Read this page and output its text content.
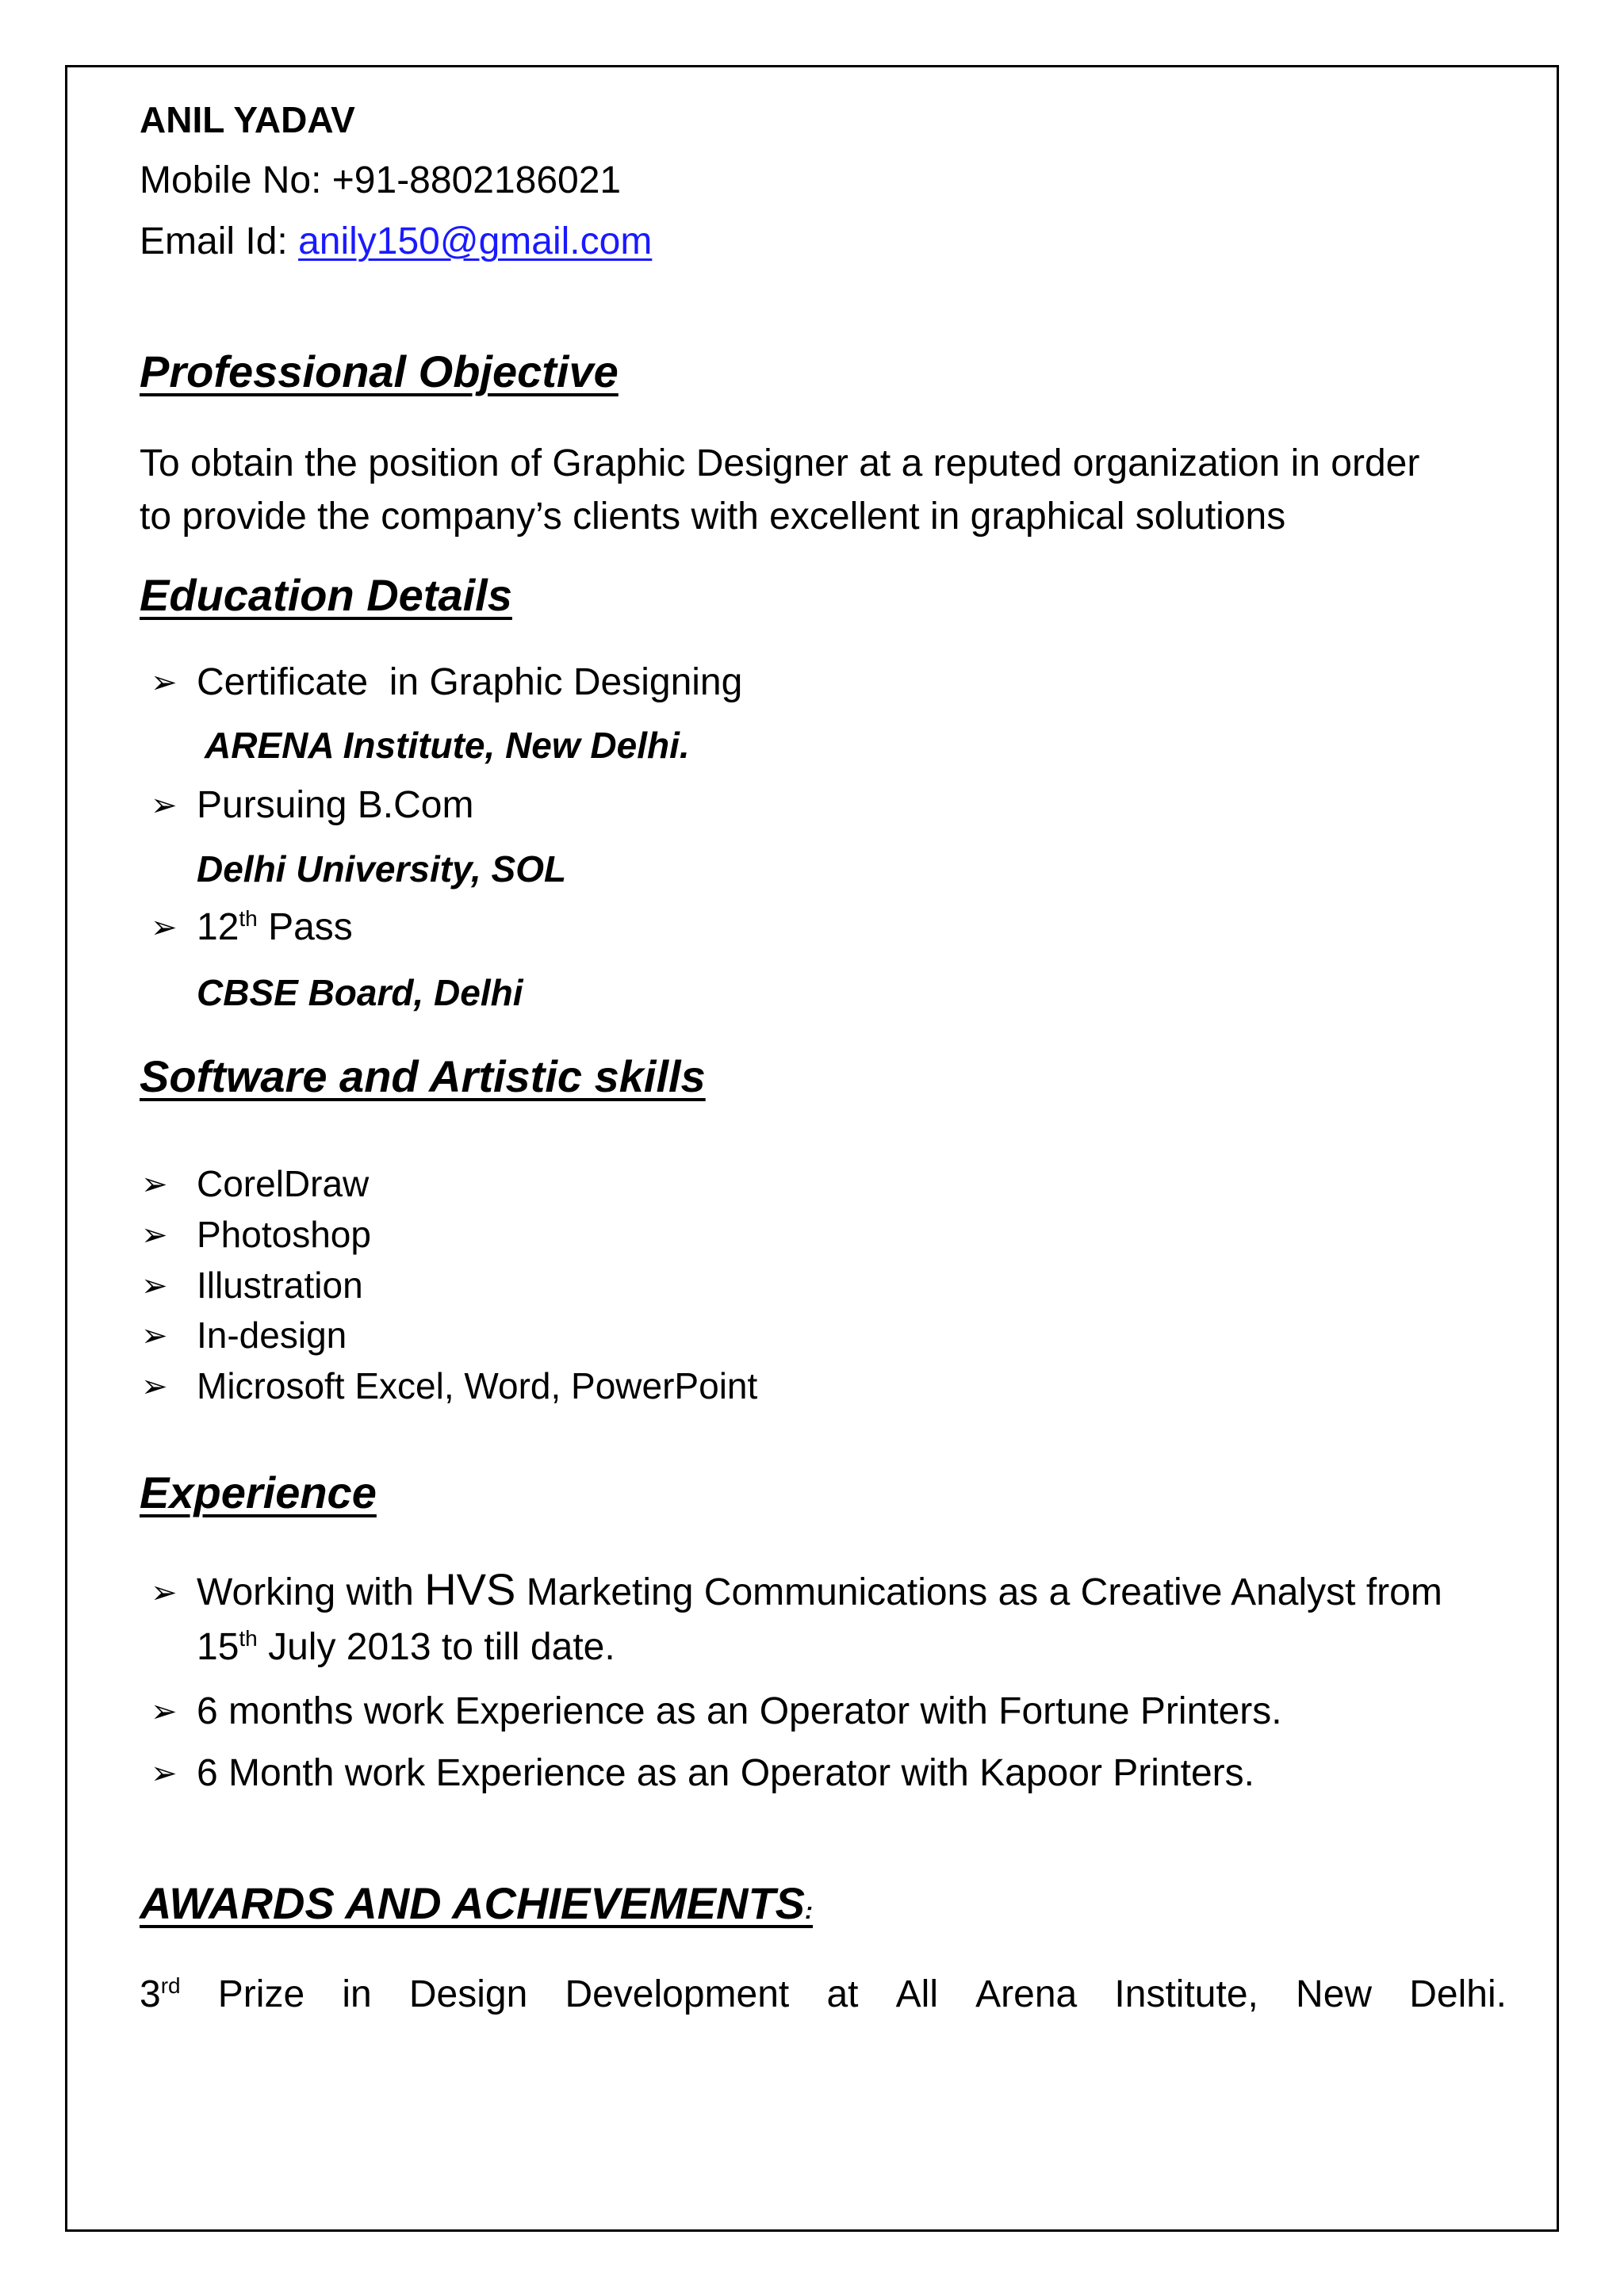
ANIL YADAV
Mobile No: +91-8802186021
Email Id: anily150@gmail.com
Professional Objective
To obtain the position of Graphic Designer at a reputed organization in order
to provide the company’s clients with excellent in graphical solutions
Education Details
➢ Certificate  in Graphic Designing
ARENA Institute, New Delhi.
➢ Pursuing B.Com
Delhi University, SOL
➢ 12th Pass
CBSE Board, Delhi
Software and Artistic skills
➢ CorelDraw
➢ Photoshop
➢ Illustration
➢ In-design
➢ Microsoft Excel, Word, PowerPoint
Experience
➢ Working with HVS Marketing Communications as a Creative Analyst from
15th July 2013 to till date.
➢ 6 months work Experience as an Operator with Fortune Printers.
➢ 6 Month work Experience as an Operator with Kapoor Printers.
AWARDS AND ACHIEVEMENTS:
3rd Prize in Design Development at All Arena Institute, New Delhi.
